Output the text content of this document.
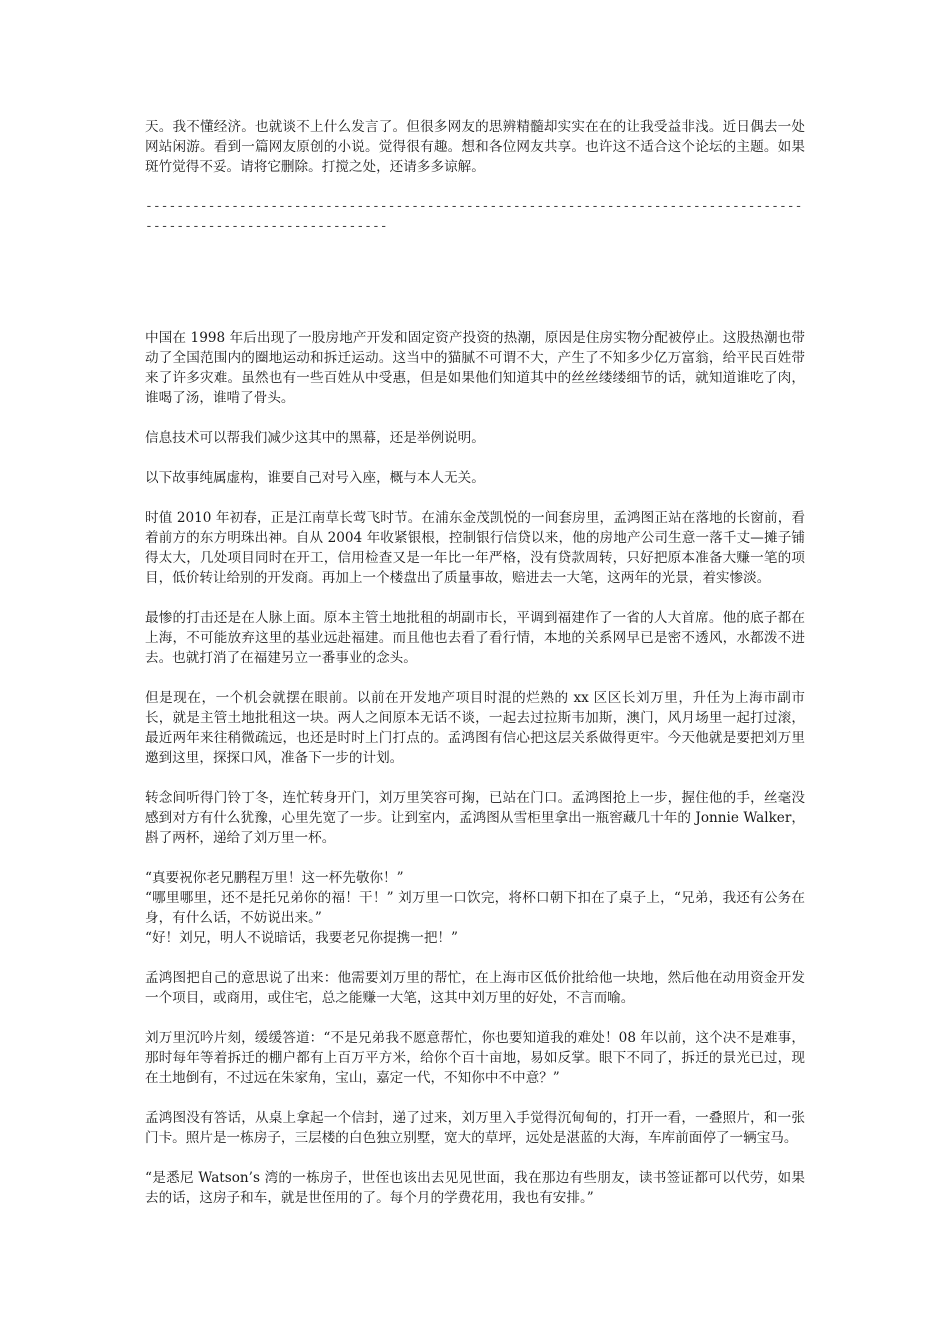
天。我不懂经济。也就谈不上什么发言了。但很多网友的思辨精髓却实实在在的让我受益非浅。近日偶去一处网站闲游。看到一篇网友原创的小说。觉得很有趣。想和各位网友共享。也许这不适合这个论坛的主题。如果斑竹觉得不妥。请将它删除。打搅之处，还请多多谅解。

-------------------------------------------------------------------------------------------------------------------

中国在 1998 年后出现了一股房地产开发和固定资产投资的热潮，原因是住房实物分配被停止。这股热潮也带动了全国范围内的圈地运动和拆迁运动。这当中的猫腻不可谓不大，产生了不知多少亿万富翁，给平民百姓带来了许多灾难。虽然也有一些百姓从中受惠，但是如果他们知道其中的丝丝缕缕细节的话，就知道谁吃了肉，谁喝了汤，谁啃了骨头。

信息技术可以帮我们减少这其中的黑幕，还是举例说明。

以下故事纯属虚构，谁要自己对号入座，概与本人无关。

时值 2010 年初春，正是江南草长莺飞时节。在浦东金茂凯悦的一间套房里，孟鸿图正站在落地的长窗前，看着前方的东方明珠出神。自从 2004 年收紧银根，控制银行信贷以来，他的房地产公司生意一落千丈—摊子铺得太大，几处项目同时在开工，信用检查又是一年比一年严格，没有贷款周转，只好把原本准备大赚一笔的项目，低价转让给别的开发商。再加上一个楼盘出了质量事故，赔进去一大笔，这两年的光景，着实惨淡。

最惨的打击还是在人脉上面。原本主管土地批租的胡副市长，平调到福建作了一省的人大首席。他的底子都在上海，不可能放弃这里的基业远赴福建。而且他也去看了看行情，本地的关系网早已是密不透风，水都泼不进去。也就打消了在福建另立一番事业的念头。

但是现在，一个机会就摆在眼前。以前在开发地产项目时混的烂熟的 xx 区区长刘万里，升任为上海市副市长，就是主管土地批租这一块。两人之间原本无话不谈，一起去过拉斯韦加斯，澳门，风月场里一起打过滚，最近两年来往稍微疏远，也还是时时上门打点的。孟鸿图有信心把这层关系做得更牢。今天他就是要把刘万里邀到这里，探探口风，准备下一步的计划。

转念间听得门铃丁冬，连忙转身开门，刘万里笑容可掬，已站在门口。孟鸿图抢上一步，握住他的手，丝毫没感到对方有什么犹豫，心里先宽了一步。让到室内，孟鸿图从雪柜里拿出一瓶窖藏几十年的 Jonnie Walker，斟了两杯，递给了刘万里一杯。

“真要祝你老兄鹏程万里！这一杯先敬你！”

“哪里哪里，还不是托兄弟你的福！干！” 刘万里一口饮完，将杯口朝下扣在了桌子上，“兄弟，我还有公务在身，有什么话，不妨说出来。”

“好！刘兄，明人不说暗话，我要老兄你提携一把！”

孟鸿图把自己的意思说了出来：他需要刘万里的帮忙，在上海市区低价批给他一块地，然后他在动用资金开发一个项目，或商用，或住宅，总之能赚一大笔，这其中刘万里的好处，不言而喻。

刘万里沉吟片刻，缓缓答道：“不是兄弟我不愿意帮忙，你也要知道我的难处！08 年以前，这个决不是难事，那时每年等着拆迁的棚户都有上百万平方米，给你个百十亩地，易如反掌。眼下不同了，拆迁的景光已过，现在土地倒有，不过远在朱家角，宝山，嘉定一代，不知你中不中意？”

孟鸿图没有答话，从桌上拿起一个信封，递了过来，刘万里入手觉得沉甸甸的，打开一看，一叠照片，和一张门卡。照片是一栋房子，三层楼的白色独立别墅，宽大的草坪，远处是湛蓝的大海，车库前面停了一辆宝马。

“是悉尼 Watson’s 湾的一栋房子，世侄也该出去见见世面，我在那边有些朋友，读书签证都可以代劳，如果去的话，这房子和车，就是世侄用的了。每个月的学费花用，我也有安排。”
